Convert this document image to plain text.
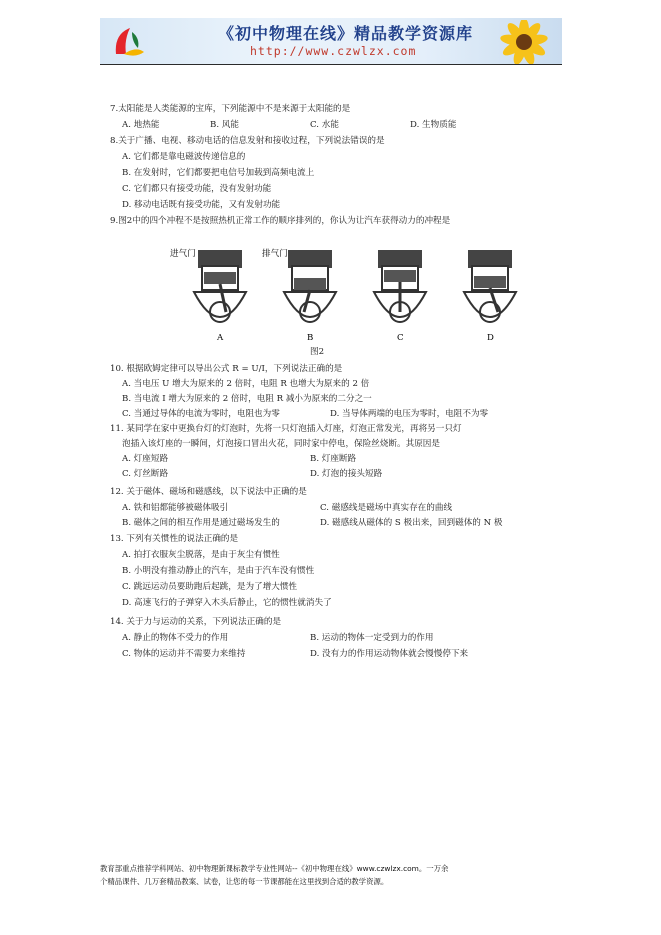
《初中物理在线》精品教学资源库
http://www.czwlzx.com
7.太阳能是人类能源的宝库，下列能源中不是来源于太阳能的是
A. 地热能	B. 风能	C. 水能	D. 生物质能
8.关于广播、电视、移动电话的信息发射和接收过程，下列说法错误的是
A. 它们都是靠电磁波传递信息的
B. 在发射时，它们都要把电信号加载到高频电流上
C. 它们都只有接受功能，没有发射功能
D. 移动电话既有接受功能，又有发射功能
9.图2中的四个冲程不是按照热机正常工作的顺序排列的，你认为让汽车获得动力的冲程是
进气门	排气门
A	B	C	D
图2
10. 根据欧姆定律可以导出公式 R = U/I，下列说法正确的是
A. 当电压 U 增大为原来的 2 倍时，电阻 R 也增大为原来的 2 倍
B. 当电流 I 增大为原来的 2 倍时，电阻 R 减小为原来的二分之一
C. 当通过导体的电流为零时，电阻也为零	D. 当导体两端的电压为零时，电阻不为零
11. 某同学在家中更换台灯的灯泡时，先将一只灯泡插入灯座，灯泡正常发光，再将另一只灯
泡插入该灯座的一瞬间，灯泡接口冒出火花，同时家中停电，保险丝烧断。其原因是
A. 灯座短路	B. 灯座断路
C. 灯丝断路	D. 灯泡的接头短路
12. 关于磁体、磁场和磁感线，以下说法中正确的是
A. 铁和铝都能够被磁体吸引	C. 磁感线是磁场中真实存在的曲线
B. 磁体之间的相互作用是通过磁场发生的	D. 磁感线从磁体的 S 极出来，回到磁体的 N 极
13. 下列有关惯性的说法正确的是
A. 拍打衣服灰尘脱落，是由于灰尘有惯性
B. 小明没有推动静止的汽车，是由于汽车没有惯性
C. 跳远运动员要助跑后起跳，是为了增大惯性
D. 高速飞行的子弹穿入木头后静止，它的惯性就消失了
14. 关于力与运动的关系，下列说法正确的是
A. 静止的物体不受力的作用	B. 运动的物体一定受到力的作用
C. 物体的运动并不需要力来维持	D. 没有力的作用运动物体就会慢慢停下来
教育部重点推荐学科网站、初中物理新课标教学专业性网站--《初中物理在线》www.czwlzx.com。一万余
个精品课件、几万套精品教案、试卷，让您的每一节课都能在这里找到合适的教学资源。
